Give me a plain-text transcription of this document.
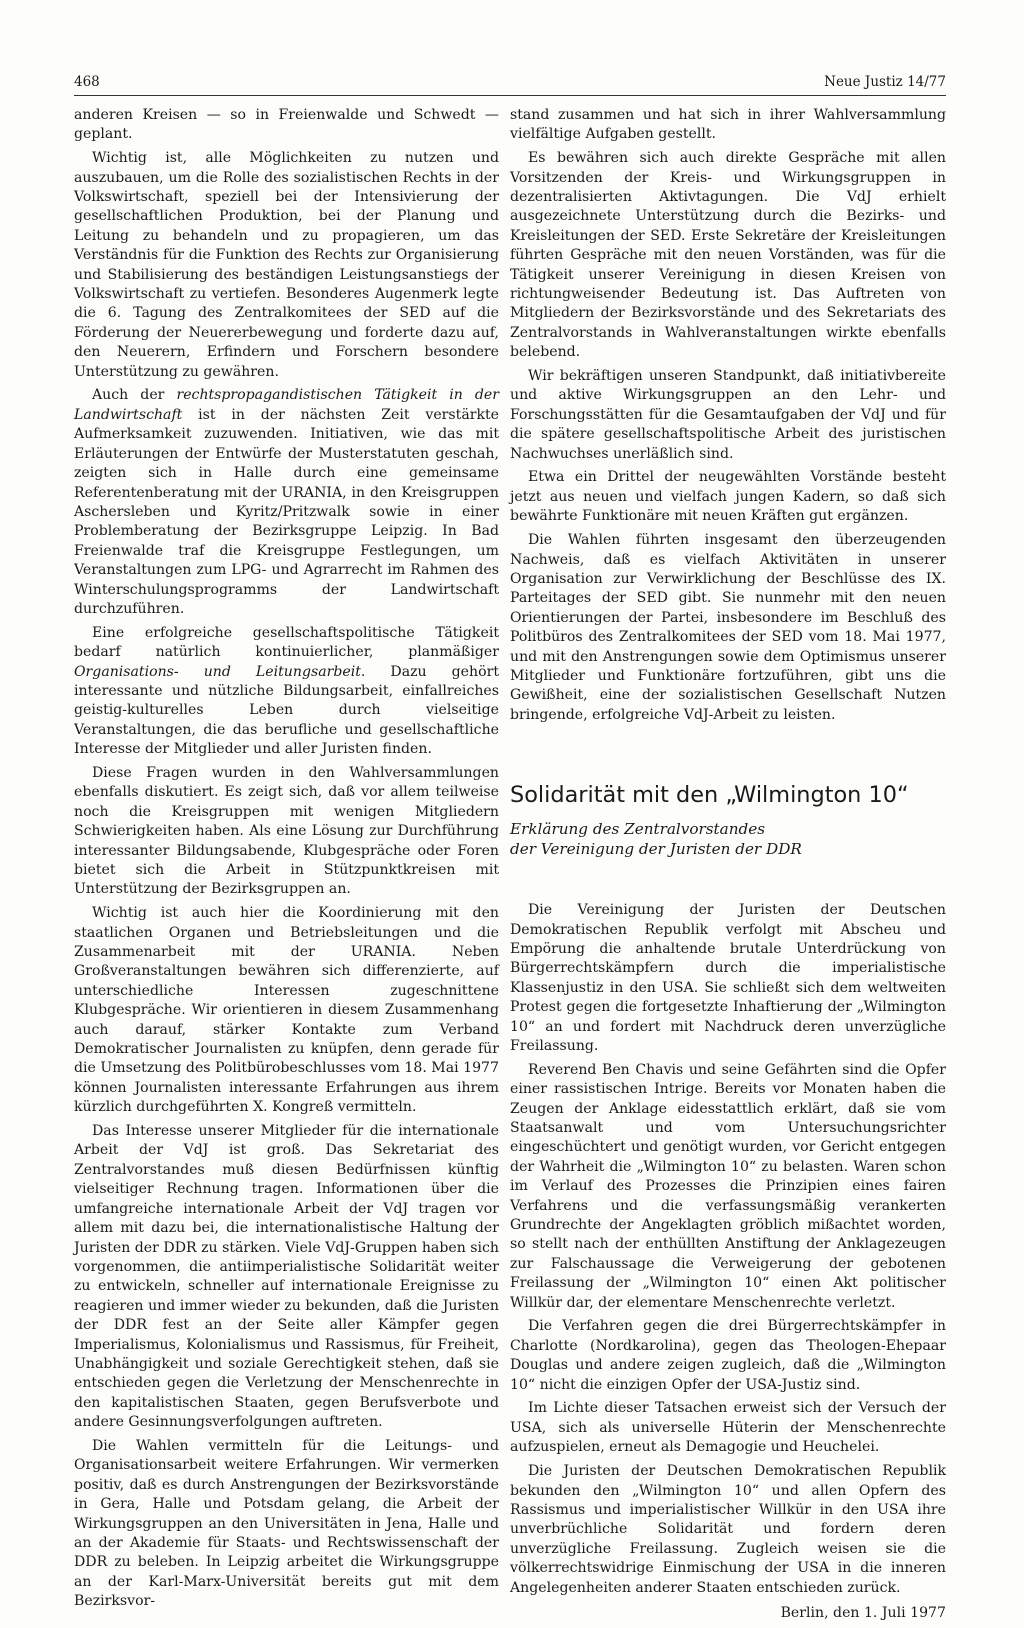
468	Neue Justiz 14/77

anderen Kreisen — so in Freienwalde und Schwedt — geplant.

Wichtig ist, alle Möglichkeiten zu nutzen und auszubauen, um die Rolle des sozialistischen Rechts in der Volkswirtschaft, speziell bei der Intensivierung der gesellschaftlichen Produktion, bei der Planung und Leitung zu behandeln und zu propagieren, um das Verständnis für die Funktion des Rechts zur Organisierung und Stabilisierung des beständigen Leistungsanstiegs der Volkswirtschaft zu vertiefen. Besonderes Augenmerk legte die 6. Tagung des Zentralkomitees der SED auf die Förderung der Neuererbewegung und forderte dazu auf, den Neuerern, Erfindern und Forschern besondere Unterstützung zu gewähren.

Auch der rechtspropagandistischen Tätigkeit in der Landwirtschaft ist in der nächsten Zeit verstärkte Aufmerksamkeit zuzuwenden. Initiativen, wie das mit Erläuterungen der Entwürfe der Musterstatuten geschah, zeigten sich in Halle durch eine gemeinsame Referentenberatung mit der URANIA, in den Kreisgruppen Aschersleben und Kyritz/Pritzwalk sowie in einer Problemberatung der Bezirksgruppe Leipzig. In Bad Freienwalde traf die Kreisgruppe Festlegungen, um Veranstaltungen zum LPG- und Agrarrecht im Rahmen des Winterschulungsprogramms der Landwirtschaft durchzuführen.

Eine erfolgreiche gesellschaftspolitische Tätigkeit bedarf natürlich kontinuierlicher, planmäßiger Organisations- und Leitungsarbeit. Dazu gehört interessante und nützliche Bildungsarbeit, einfallreiches geistig-kulturelles Leben durch vielseitige Veranstaltungen, die das berufliche und gesellschaftliche Interesse der Mitglieder und aller Juristen finden.

Diese Fragen wurden in den Wahlversammlungen ebenfalls diskutiert. Es zeigt sich, daß vor allem teilweise noch die Kreisgruppen mit wenigen Mitgliedern Schwierigkeiten haben. Als eine Lösung zur Durchführung interessanter Bildungsabende, Klubgespräche oder Foren bietet sich die Arbeit in Stützpunktkreisen mit Unterstützung der Bezirksgruppen an.

Wichtig ist auch hier die Koordinierung mit den staatlichen Organen und Betriebsleitungen und die Zusammenarbeit mit der URANIA. Neben Großveranstaltungen bewähren sich differenzierte, auf unterschiedliche Interessen zugeschnittene Klubgespräche. Wir orientieren in diesem Zusammenhang auch darauf, stärker Kontakte zum Verband Demokratischer Journalisten zu knüpfen, denn gerade für die Umsetzung des Politbürobeschlusses vom 18. Mai 1977 können Journalisten interessante Erfahrungen aus ihrem kürzlich durchgeführten X. Kongreß vermitteln.

Das Interesse unserer Mitglieder für die internationale Arbeit der VdJ ist groß. Das Sekretariat des Zentralvorstandes muß diesen Bedürfnissen künftig vielseitiger Rechnung tragen. Informationen über die umfangreiche internationale Arbeit der VdJ tragen vor allem mit dazu bei, die internationalistische Haltung der Juristen der DDR zu stärken. Viele VdJ-Gruppen haben sich vorgenommen, die antiimperialistische Solidarität weiter zu entwickeln, schneller auf internationale Ereignisse zu reagieren und immer wieder zu bekunden, daß die Juristen der DDR fest an der Seite aller Kämpfer gegen Imperialismus, Kolonialismus und Rassismus, für Freiheit, Unabhängigkeit und soziale Gerechtigkeit stehen, daß sie entschieden gegen die Verletzung der Menschenrechte in den kapitalistischen Staaten, gegen Berufsverbote und andere Gesinnungsverfolgungen auftreten.

Die Wahlen vermitteln für die Leitungs- und Organisationsarbeit weitere Erfahrungen. Wir vermerken positiv, daß es durch Anstrengungen der Bezirksvorstände in Gera, Halle und Potsdam gelang, die Arbeit der Wirkungsgruppen an den Universitäten in Jena, Halle und an der Akademie für Staats- und Rechtswissenschaft der DDR zu beleben. In Leipzig arbeitet die Wirkungsgruppe an der Karl-Marx-Universität bereits gut mit dem Bezirksvor-

stand zusammen und hat sich in ihrer Wahlversammlung vielfältige Aufgaben gestellt.

Es bewähren sich auch direkte Gespräche mit allen Vorsitzenden der Kreis- und Wirkungsgruppen in dezentralisierten Aktivtagungen. Die VdJ erhielt ausgezeichnete Unterstützung durch die Bezirks- und Kreisleitungen der SED. Erste Sekretäre der Kreisleitungen führten Gespräche mit den neuen Vorständen, was für die Tätigkeit unserer Vereinigung in diesen Kreisen von richtungweisender Bedeutung ist. Das Auftreten von Mitgliedern der Bezirksvorstände und des Sekretariats des Zentralvorstands in Wahlveranstaltungen wirkte ebenfalls belebend.

Wir bekräftigen unseren Standpunkt, daß initiativbereite und aktive Wirkungsgruppen an den Lehr- und Forschungsstätten für die Gesamtaufgaben der VdJ und für die spätere gesellschaftspolitische Arbeit des juristischen Nachwuchses unerläßlich sind.

Etwa ein Drittel der neugewählten Vorstände besteht jetzt aus neuen und vielfach jungen Kadern, so daß sich bewährte Funktionäre mit neuen Kräften gut ergänzen.

Die Wahlen führten insgesamt den überzeugenden Nachweis, daß es vielfach Aktivitäten in unserer Organisation zur Verwirklichung der Beschlüsse des IX. Parteitages der SED gibt. Sie nunmehr mit den neuen Orientierungen der Partei, insbesondere im Beschluß des Politbüros des Zentralkomitees der SED vom 18. Mai 1977, und mit den Anstrengungen sowie dem Optimismus unserer Mitglieder und Funktionäre fortzuführen, gibt uns die Gewißheit, eine der sozialistischen Gesellschaft Nutzen bringende, erfolgreiche VdJ-Arbeit zu leisten.

Solidarität mit den „Wilmington 10“
Erklärung des Zentralvorstandes
der Vereinigung der Juristen der DDR

Die Vereinigung der Juristen der Deutschen Demokratischen Republik verfolgt mit Abscheu und Empörung die anhaltende brutale Unterdrückung von Bürgerrechtskämpfern durch die imperialistische Klassenjustiz in den USA. Sie schließt sich dem weltweiten Protest gegen die fortgesetzte Inhaftierung der „Wilmington 10“ an und fordert mit Nachdruck deren unverzügliche Freilassung.

Reverend Ben Chavis und seine Gefährten sind die Opfer einer rassistischen Intrige. Bereits vor Monaten haben die Zeugen der Anklage eidesstattlich erklärt, daß sie vom Staatsanwalt und vom Untersuchungsrichter eingeschüchtert und genötigt wurden, vor Gericht entgegen der Wahrheit die „Wilmington 10“ zu belasten. Waren schon im Verlauf des Prozesses die Prinzipien eines fairen Verfahrens und die verfassungsmäßig verankerten Grundrechte der Angeklagten gröblich mißachtet worden, so stellt nach der enthüllten Anstiftung der Anklagezeugen zur Falschaussage die Verweigerung der gebotenen Freilassung der „Wilmington 10“ einen Akt politischer Willkür dar, der elementare Menschenrechte verletzt.

Die Verfahren gegen die drei Bürgerrechtskämpfer in Charlotte (Nordkarolina), gegen das Theologen-Ehepaar Douglas und andere zeigen zugleich, daß die „Wilmington 10“ nicht die einzigen Opfer der USA-Justiz sind.

Im Lichte dieser Tatsachen erweist sich der Versuch der USA, sich als universelle Hüterin der Menschenrechte aufzuspielen, erneut als Demagogie und Heuchelei.

Die Juristen der Deutschen Demokratischen Republik bekunden den „Wilmington 10“ und allen Opfern des Rassismus und imperialistischer Willkür in den USA ihre unverbrüchliche Solidarität und fordern deren unverzügliche Freilassung. Zugleich weisen sie die völkerrechtswidrige Einmischung der USA in die inneren Angelegenheiten anderer Staaten entschieden zurück.

Berlin, den 1. Juli 1977
